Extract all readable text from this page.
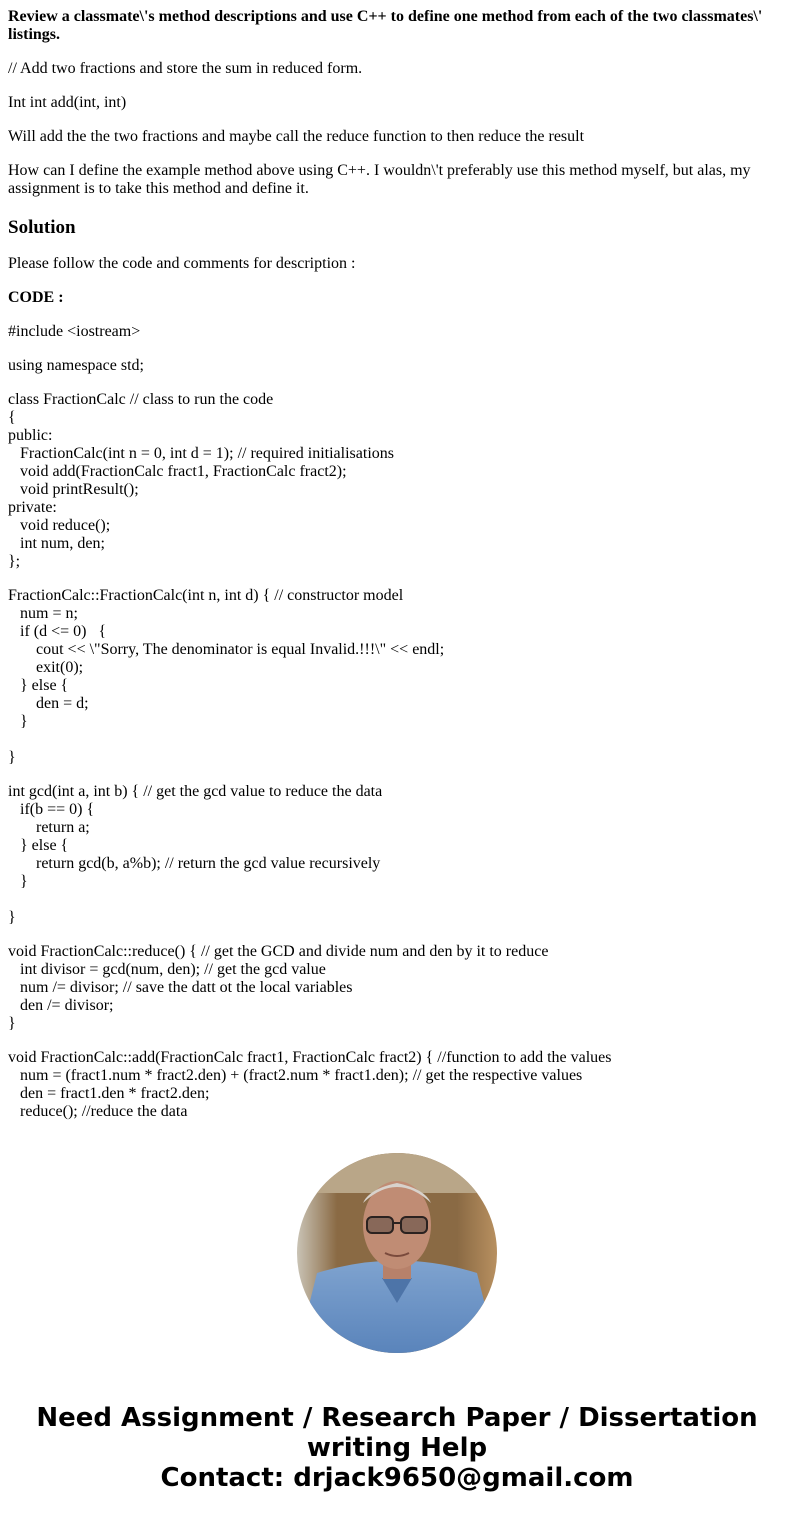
Review a classmate\'s method descriptions and use C++ to define one method from each of the two classmates\' listings.
// Add two fractions and store the sum in reduced form.
Int int add(int, int)
Will add the the two fractions and maybe call the reduce function to then reduce the result
How can I define the example method above using C++. I wouldn\'t preferably use this method myself, but alas, my assignment is to take this method and define it.
Solution
Please follow the code and comments for description :
CODE :
#include <iostream>
using namespace std;
class FractionCalc // class to run the code
{
public:
FractionCalc(int n = 0, int d = 1); // required initialisations
void add(FractionCalc fract1, FractionCalc fract2);
void printResult();
private:
void reduce();
int num, den;
};
FractionCalc::FractionCalc(int n, int d) { // constructor model
num = n;
if (d <= 0)   {
cout << \"Sorry, The denominator is equal Invalid.!!!\" << endl;
exit(0);
} else {
den = d;
}
}
int gcd(int a, int b) { // get the gcd value to reduce the data
if(b == 0) {
return a;
} else {
return gcd(b, a%b); // return the gcd value recursively
}
}
void FractionCalc::reduce() { // get the GCD and divide num and den by it to reduce
int divisor = gcd(num, den); // get the gcd value
num /= divisor; // save the datt ot the local variables
den /= divisor;
}
void FractionCalc::add(FractionCalc fract1, FractionCalc fract2) { //function to add the values
num = (fract1.num * fract2.den) + (fract2.num * fract1.den); // get the respective values
den = fract1.den * fract2.den;
reduce(); //reduce the data
Need Assignment / Research Paper / Dissertation
writing Help
Contact: drjack9650@gmail.com
